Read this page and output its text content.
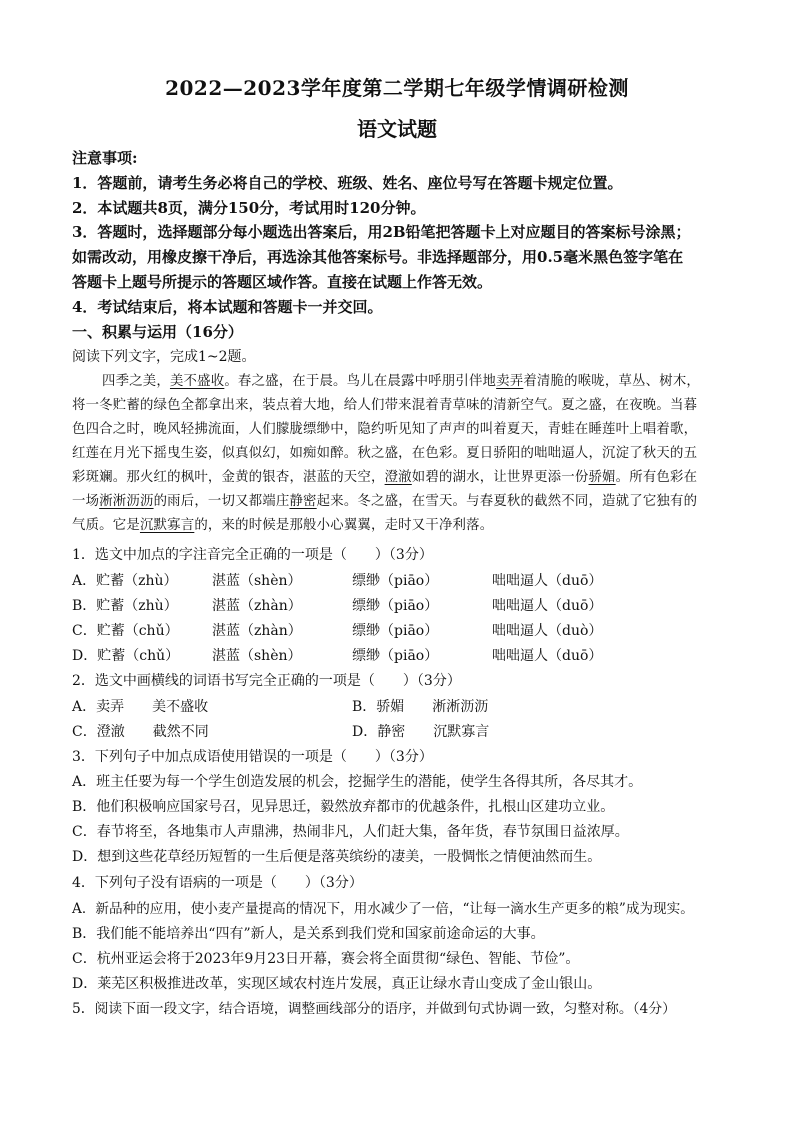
2022—2023学年度第二学期七年级学情调研检测
语文试题
注意事项:
1．答题前，请考生务必将自己的学校、班级、姓名、座位号写在答题卡规定位置。
2．本试题共8页，满分150分，考试用时120分钟。
3．答题时，选择题部分每小题选出答案后，用2B铅笔把答题卡上对应题目的答案标号涂黑；
如需改动，用橡皮擦干净后，再选涂其他答案标号。非选择题部分，用0.5毫米黑色签字笔在
答题卡上题号所提示的答题区域作答。直接在试题上作答无效。
4．考试结束后，将本试题和答题卡一并交回。
一、积累与运用（16分）
阅读下列文字，完成1~2题。
四季之美，美不盛收。春之盛，在于晨。鸟儿在晨露中呼朋引伴地卖弄着清脆的喉咙，草丛、树木，
将一冬贮蓄的绿色全都拿出来，装点着大地，给人们带来混着青草味的清新空气。夏之盛，在夜晚。当暮
色四合之时，晚风轻拂流面，人们朦胧缥缈中，隐约听见知了声声的叫着夏天，青蛙在睡莲叶上唱着歌，
红莲在月光下摇曳生姿，似真似幻，如痴如醉。秋之盛，在色彩。夏日骄阳的咄咄逼人，沉淀了秋天的五
彩斑斓。那火红的枫叶，金黄的银杏，湛蓝的天空，澄澈如碧的湖水，让世界更添一份骄媚。所有色彩在
一场淅淅沥沥的雨后，一切又都端庄静密起来。冬之盛，在雪天。与春夏秋的截然不同，造就了它独有的
气质。它是沉默寡言的，来的时候是那般小心翼翼，走时又干净利落。
1．选文中加点的字注音完全正确的一项是（　　）（3分）
A．贮蓄（zhù） 湛蓝（shèn）	缥缈（piāo）	咄咄逼人（duō）
B．贮蓄（zhù） 湛蓝（zhàn）	缥缈（piāo）	咄咄逼人（duō）
C．贮蓄（chǔ） 湛蓝（zhàn）	缥缈（piāo）	咄咄逼人（duò）
D．贮蓄（chǔ） 湛蓝（shèn）	缥缈（piāo）	咄咄逼人（duō）
2．选文中画横线的词语书写完全正确的一项是（　　）（3分）
A．卖弄　　美不盛收	B．骄媚　　淅淅沥沥
C．澄澈　　截然不同	D．静密　　沉默寡言
3．下列句子中加点成语使用错误的一项是（　　）（3分）
A．班主任要为每一个学生创造发展的机会，挖掘学生的潜能，使学生各得其所，各尽其才。
B．他们积极响应国家号召，见异思迁，毅然放弃都市的优越条件，扎根山区建功立业。
C．春节将至，各地集市人声鼎沸，热闹非凡，人们赶大集，备年货，春节氛围日益浓厚。
D．想到这些花草经历短暂的一生后便是落英缤纷的凄美，一股惆怅之情便油然而生。
4．下列句子没有语病的一项是（　　）（3分）
A．新品种的应用，使小麦产量提高的情况下，用水减少了一倍，“让每一滴水生产更多的粮”成为现实。
B．我们能不能培养出“四有”新人，是关系到我们党和国家前途命运的大事。
C．杭州亚运会将于2023年9月23日开幕，赛会将全面贯彻“绿色、智能、节俭”。
D．莱芜区积极推进改革，实现区域农村连片发展，真正让绿水青山变成了金山银山。
5．阅读下面一段文字，结合语境，调整画线部分的语序，并做到句式协调一致，匀整对称。（4分）
